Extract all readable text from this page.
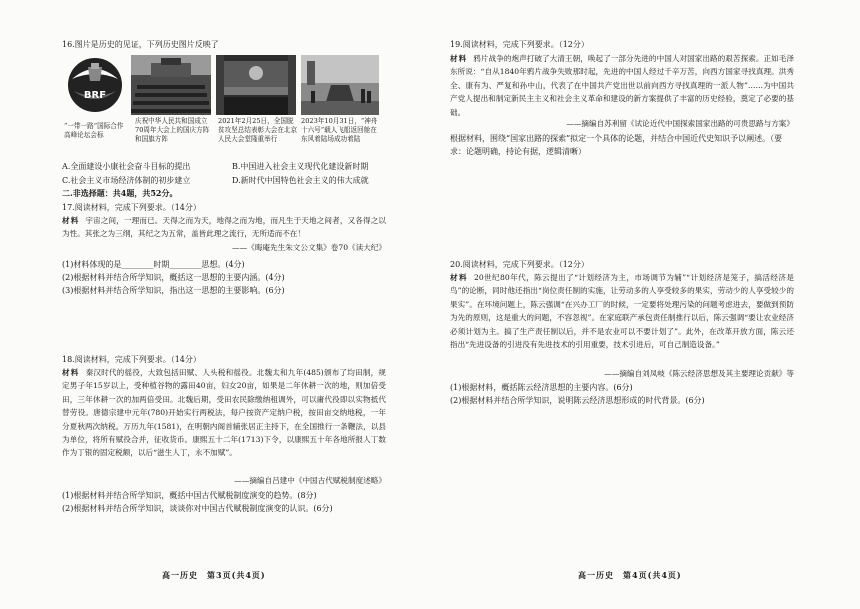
16.图片是历史的见证，下列历史图片反映了
BRF
“一带一路”国际合作高峰论坛会标
庆祝中华人民共和国成立70周年大会上的国庆方阵和国旗方阵
2021年2月25日，全国脱贫攻坚总结表彰大会在北京人民大会堂隆重举行
2023年10月31日，“神舟十六号”载人飞船返回舱在东风着陆场成功着陆
A.全面建设小康社会奋斗目标的提出	B.中国进入社会主义现代化建设新时期
C.社会主义市场经济体制的初步建立	D.新时代中国特色社会主义的伟大成就
二.非选择题：共4题，共52分。
17.阅读材料，完成下列要求。（14分）
材料 宇宙之间，一理而已。天得之而为天，地得之而为地，而凡生于天地之间者，又各得之以为性。其张之为三纲，其纪之为五常，盖皆此理之流行，无所适而不在！
——《晦庵先生朱文公文集》卷70《读大纪》
(1)材料体现的是________时期________思想。(4分)
(2)根据材料并结合所学知识，概括这一思想的主要内涵。(4分)
(3)根据材料并结合所学知识，指出这一思想的主要影响。(6分)
18.阅读材料，完成下列要求。（14分）
材料 秦汉时代的徭役，大致包括田赋、人头税和徭役。北魏太和九年(485)颁布了均田制，规定男子年15岁以上，受种植谷物的露田40亩，妇女20亩，如果是二年休耕一次的地，则加倍受田，三年休耕一次的加两倍受田。北魏后期，受田农民除缴纳租调外，可以庸代役即以实物抵代替劳役。唐德宗建中元年(780)开始实行两税法，每户按资产定纳户税，按田亩交纳地税，一年分夏秋两次纳税。万历九年(1581)，在明朝内阁首辅张居正主持下，在全国推行一条鞭法，以县为单位，将所有赋役合并，征收货币。康熙五十二年(1713)下令，以康熙五十年各地所报人丁数作为丁银的固定税额，以后“滋生人丁，永不加赋”。
——摘编自吕建中《中国古代赋税制度述略》
(1)根据材料并结合所学知识，概括中国古代赋税制度演变的趋势。(8分)
(2)根据材料并结合所学知识，谈谈你对中国古代赋税制度演变的认识。(6分)
高一历史　第3页(共4页)
19.阅读材料，完成下列要求。（12分）
材料 鸦片战争的炮声打破了大清王朝，唤起了一部分先进的中国人对国家出路的艰苦探索。正如毛泽东所说：“自从1840年鸦片战争失败那时起，先进的中国人经过千辛万苦，向西方国家寻找真理。洪秀全、康有为、严复和孙中山，代表了在中国共产党出世以前向西方寻找真理的一派人物”……为中国共产党人提出和制定新民主主义和社会主义革命和建设的新方案提供了丰富的历史经验，奠定了必要的基础。
——摘编自苏利留《试论近代中国探索国家出路的可贵思路与方案》
根据材料，围绕“国家出路的探索”拟定一个具体的论题，并结合中国近代史知识予以阐述。（要求：论题明确，持论有据，逻辑清晰）
20.阅读材料，完成下列要求。（12分）
材料 20世纪80年代，陈云提出了“计划经济为主，市场调节为辅”“计划经济是笼子，搞活经济是鸟”的论断，同时他还指出“岗位责任制的实施，让劳动多的人享受较多的果实，劳动少的人享受较少的果实”。在环境问题上，陈云强调“在兴办工厂的时候，一定要将处理污染的问题考虑进去，要做到预防为先的原则，这是重大的问题，不容忽视”。在家庭联产承包责任制推行以后，陈云强调“要让农业经济必须计划为主。搞了生产责任制以后，并不是农业可以不要计划了”。此外，在改革开放方面，陈云还指出“先进设备的引进没有先进技术的引用重要，技术引进后，可自己制造设备。”
——摘编自刘凤岐《陈云经济思想及其主要理论贡献》等
(1)根据材料，概括陈云经济思想的主要内容。(6分)
(2)根据材料并结合所学知识，说明陈云经济思想形成的时代背景。(6分)
高一历史　第4页(共4页)
